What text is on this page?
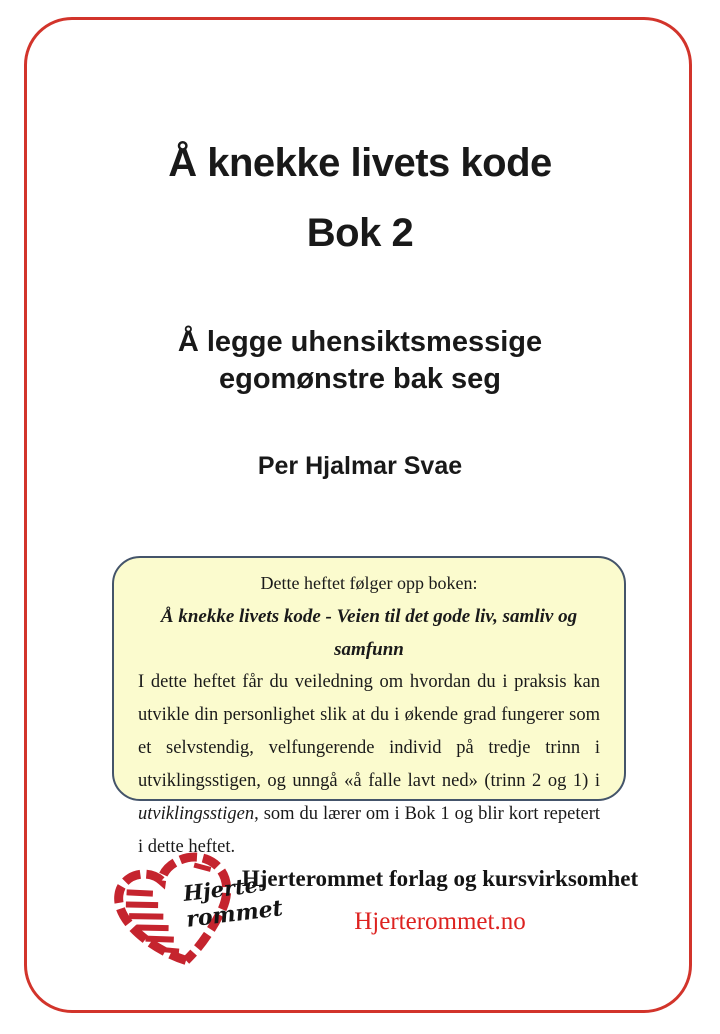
Å knekke livets kode
Bok 2
Å legge uhensiktsmessige
egomønstre bak seg
Per Hjalmar Svae

Dette heftet følger opp boken:

Å knekke livets kode - Veien til det gode liv, samliv og samfunn

I dette heftet får du veiledning om hvordan du i praksis kan utvikle din personlighet slik at du i økende grad fungerer som et selvstendig, velfungerende individ på tredje trinn i utviklingsstigen, og unngå «å falle lavt ned» (trinn 2 og 1) i utviklingsstigen, som du lærer om i Bok 1 og blir kort repetert i dette heftet.

Hjerte-
rommet
Hjerterommet forlag og kursvirksomhet
Hjerterommet.no
